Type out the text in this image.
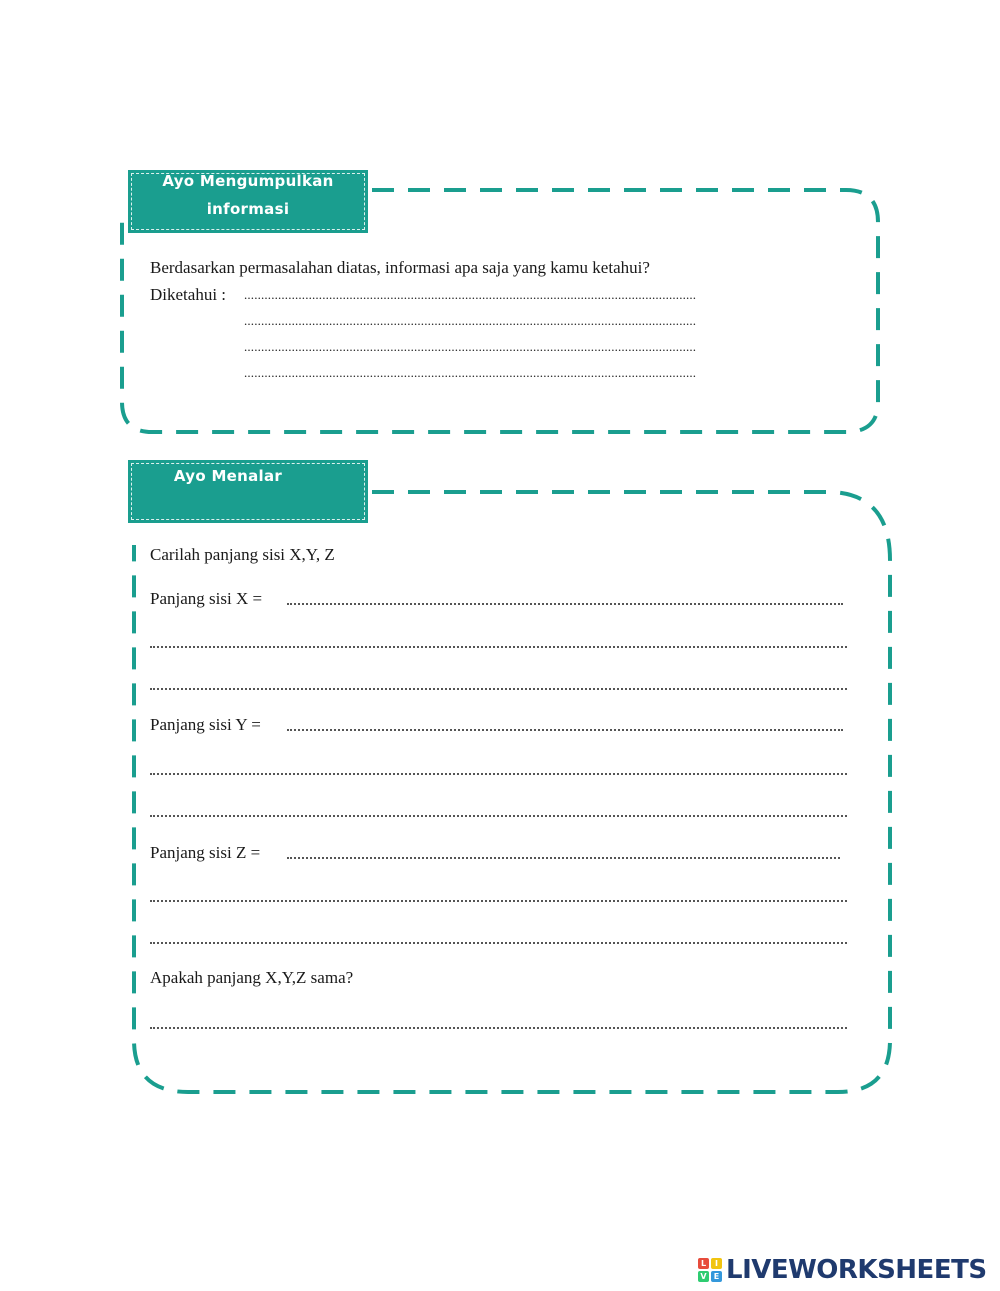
Ayo Mengumpulkan
informasi
Berdasarkan permasalahan diatas, informasi apa saja yang kamu ketahui?
Diketahui : .....................................................................................................................................
.....................................................................................................................................
.....................................................................................................................................
.....................................................................................................................................
Ayo Menalar
Carilah panjang sisi X,Y, Z
Panjang sisi X =
Panjang sisi Y =
Panjang sisi Z =
Apakah panjang X,Y,Z sama?
L	I
V E LIVEWORKSHEETS
